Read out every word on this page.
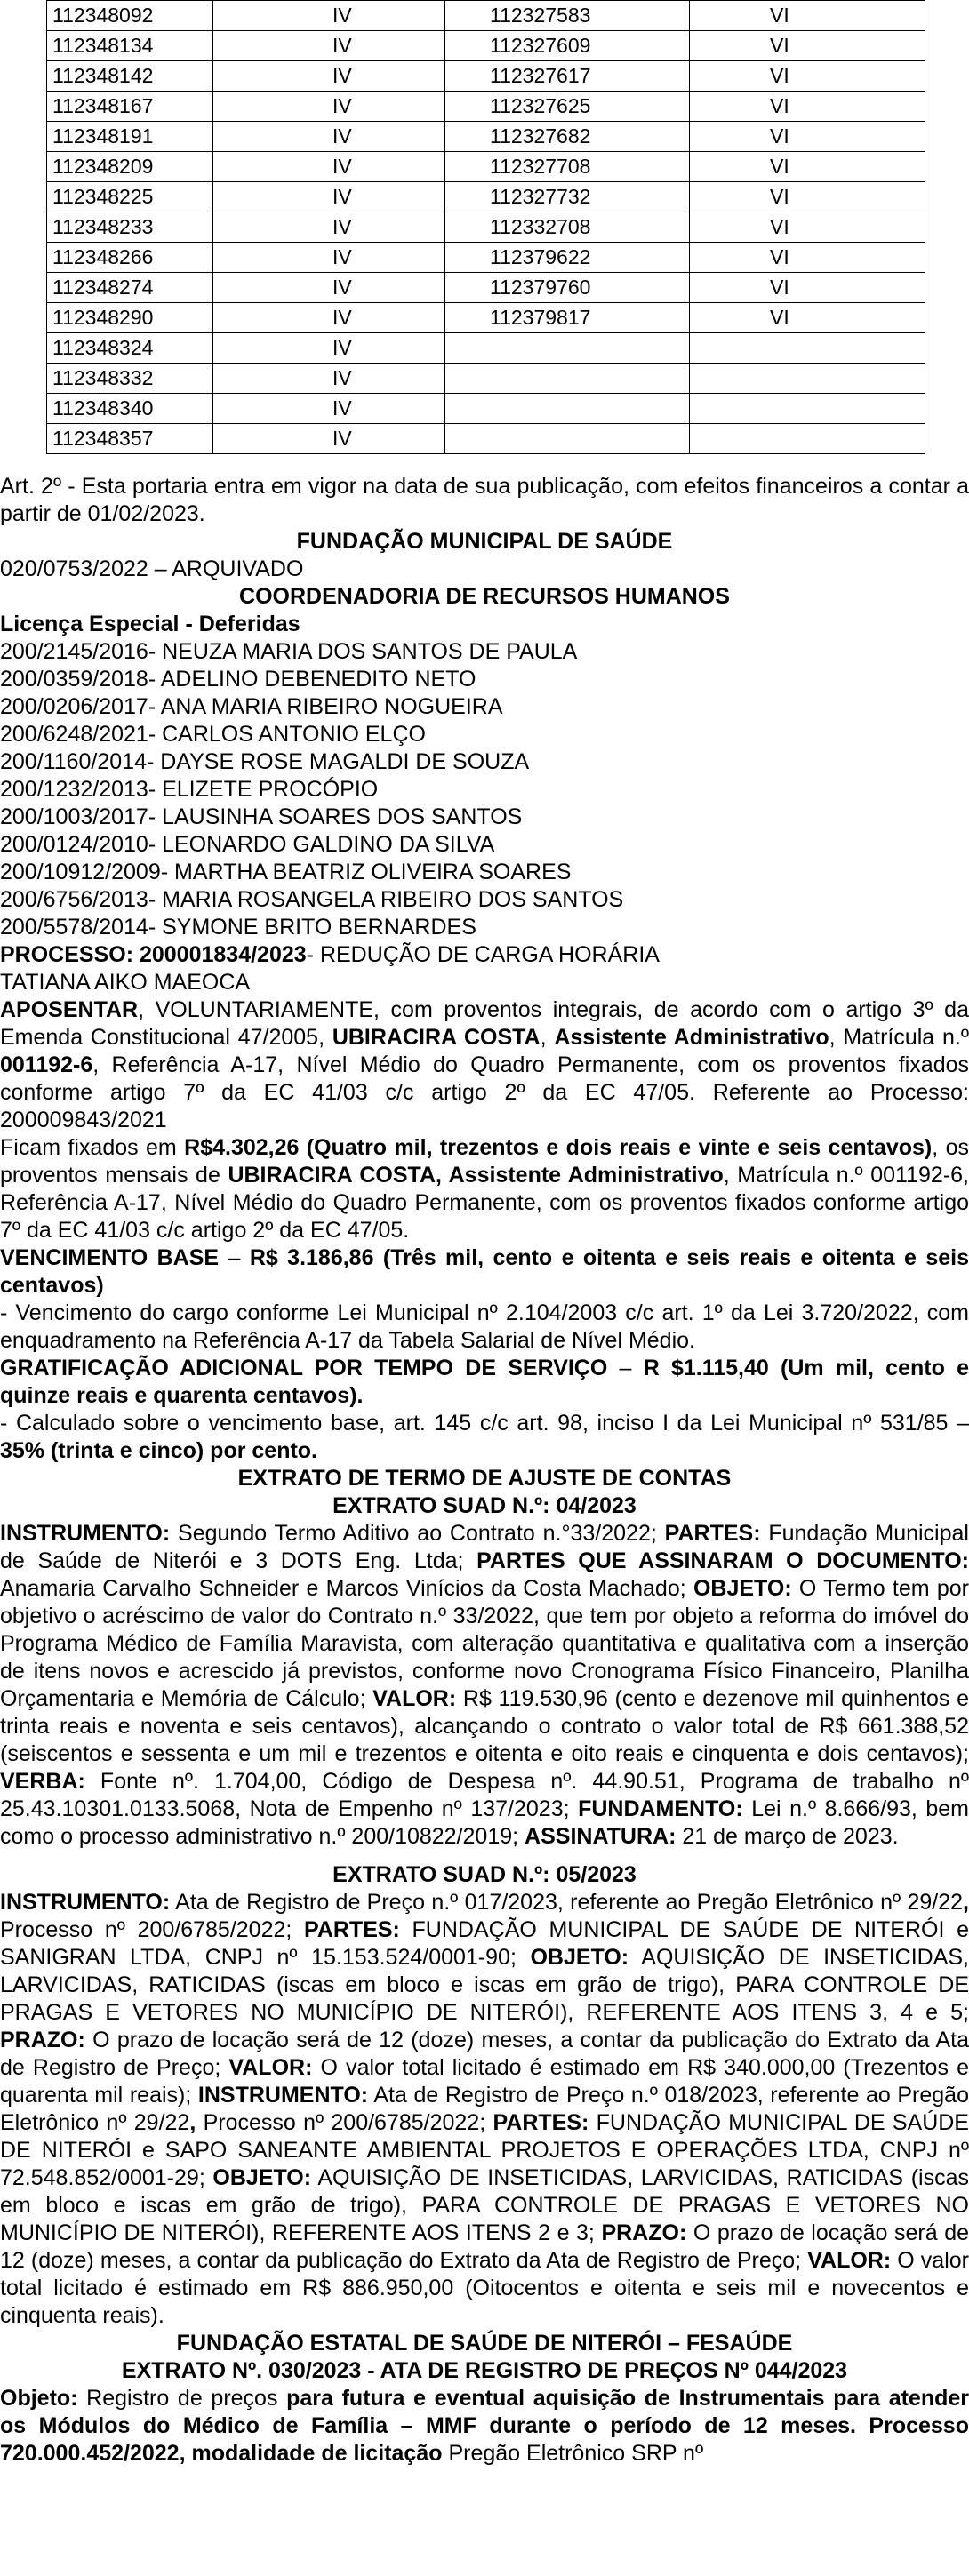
112348092	IV	112327583	VI
112348134	IV	112327609	VI
112348142	IV	112327617	VI
112348167	IV	112327625	VI
112348191	IV	112327682	VI
112348209	IV	112327708	VI
112348225	IV	112327732	VI
112348233	IV	112332708	VI
112348266	IV	112379622	VI
112348274	IV	112379760	VI
112348290	IV	112379817	VI
112348324	IV		
112348332	IV		
112348340	IV		
112348357	IV		

Art. 2º - Esta portaria entra em vigor na data de sua publicação, com efeitos financeiros a contar a partir de 01/02/2023.

FUNDAÇÃO MUNICIPAL DE SAÚDE

020/0753/2022 – ARQUIVADO

COORDENADORIA DE RECURSOS HUMANOS

Licença Especial - Deferidas

200/2145/2016- NEUZA MARIA DOS SANTOS DE PAULA

200/0359/2018- ADELINO DEBENEDITO NETO

200/0206/2017- ANA MARIA RIBEIRO NOGUEIRA

200/6248/2021- CARLOS ANTONIO ELÇO

200/1160/2014- DAYSE ROSE MAGALDI DE SOUZA

200/1232/2013- ELIZETE PROCÓPIO

200/1003/2017- LAUSINHA SOARES DOS SANTOS

200/0124/2010- LEONARDO GALDINO DA SILVA

200/10912/2009- MARTHA BEATRIZ OLIVEIRA SOARES

200/6756/2013- MARIA ROSANGELA RIBEIRO DOS SANTOS

200/5578/2014- SYMONE BRITO BERNARDES

PROCESSO: 200001834/2023- REDUÇÃO DE CARGA HORÁRIA

TATIANA AIKO MAEOCA

APOSENTAR, VOLUNTARIAMENTE, com proventos integrais, de acordo com o artigo 3º da Emenda Constitucional 47/2005, UBIRACIRA COSTA, Assistente Administrativo, Matrícula n.º 001192-6, Referência A-17, Nível Médio do Quadro Permanente, com os proventos fixados conforme artigo 7º da EC 41/03 c/c artigo 2º da EC 47/05. Referente ao Processo: 200009843/2021

Ficam fixados em R$4.302,26 (Quatro mil, trezentos e dois reais e vinte e seis centavos), os proventos mensais de UBIRACIRA COSTA, Assistente Administrativo, Matrícula n.º 001192-6, Referência A-17, Nível Médio do Quadro Permanente, com os proventos fixados conforme artigo 7º da EC 41/03 c/c artigo 2º da EC 47/05.

VENCIMENTO BASE – R$ 3.186,86 (Três mil, cento e oitenta e seis reais e oitenta e seis centavos)

- Vencimento do cargo conforme Lei Municipal nº 2.104/2003 c/c art. 1º da Lei 3.720/2022, com enquadramento na Referência A-17 da Tabela Salarial de Nível Médio.

GRATIFICAÇÃO ADICIONAL POR TEMPO DE SERVIÇO – R $1.115,40 (Um mil, cento e quinze reais e quarenta centavos).

- Calculado sobre o vencimento base, art. 145 c/c art. 98, inciso I da Lei Municipal nº 531/85 – 35% (trinta e cinco) por cento.

EXTRATO DE TERMO DE AJUSTE DE CONTAS

EXTRATO SUAD N.º: 04/2023

INSTRUMENTO: Segundo Termo Aditivo ao Contrato n.°33/2022; PARTES: Fundação Municipal de Saúde de Niterói e 3 DOTS Eng. Ltda; PARTES QUE ASSINARAM O DOCUMENTO: Anamaria Carvalho Schneider e Marcos Vinícios da Costa Machado; OBJETO: O Termo tem por objetivo o acréscimo de valor do Contrato n.º 33/2022, que tem por objeto a reforma do imóvel do Programa Médico de Família Maravista, com alteração quantitativa e qualitativa com a inserção de itens novos e acrescido já previstos, conforme novo Cronograma Físico Financeiro, Planilha Orçamentaria e Memória de Cálculo; VALOR: R$ 119.530,96 (cento e dezenove mil quinhentos e trinta reais e noventa e seis centavos), alcançando o contrato o valor total de R$ 661.388,52 (seiscentos e sessenta e um mil e trezentos e oitenta e oito reais e cinquenta e dois centavos); VERBA: Fonte nº. 1.704,00, Código de Despesa nº. 44.90.51, Programa de trabalho nº 25.43.10301.0133.5068, Nota de Empenho nº 137/2023; FUNDAMENTO: Lei n.º 8.666/93, bem como o processo administrativo n.º 200/10822/2019; ASSINATURA: 21 de março de 2023.

EXTRATO SUAD N.º: 05/2023

INSTRUMENTO: Ata de Registro de Preço n.º 017/2023, referente ao Pregão Eletrônico nº 29/22, Processo nº 200/6785/2022; PARTES: FUNDAÇÃO MUNICIPAL DE SAÚDE DE NITERÓI e SANIGRAN LTDA, CNPJ nº 15.153.524/0001-90; OBJETO: AQUISIÇÃO DE INSETICIDAS, LARVICIDAS, RATICIDAS (iscas em bloco e iscas em grão de trigo), PARA CONTROLE DE PRAGAS E VETORES NO MUNICÍPIO DE NITERÓI), REFERENTE AOS ITENS 3, 4 e 5; PRAZO: O prazo de locação será de 12 (doze) meses, a contar da publicação do Extrato da Ata de Registro de Preço; VALOR: O valor total licitado é estimado em R$ 340.000,00 (Trezentos e quarenta mil reais); INSTRUMENTO: Ata de Registro de Preço n.º 018/2023, referente ao Pregão Eletrônico nº 29/22, Processo nº 200/6785/2022; PARTES: FUNDAÇÃO MUNICIPAL DE SAÚDE DE NITERÓI e SAPO SANEANTE AMBIENTAL PROJETOS E OPERAÇÕES LTDA, CNPJ nº 72.548.852/0001-29; OBJETO: AQUISIÇÃO DE INSETICIDAS, LARVICIDAS, RATICIDAS (iscas em bloco e iscas em grão de trigo), PARA CONTROLE DE PRAGAS E VETORES NO MUNICÍPIO DE NITERÓI), REFERENTE AOS ITENS 2 e 3; PRAZO: O prazo de locação será de 12 (doze) meses, a contar da publicação do Extrato da Ata de Registro de Preço; VALOR: O valor total licitado é estimado em R$ 886.950,00 (Oitocentos e oitenta e seis mil e novecentos e cinquenta reais).

FUNDAÇÃO ESTATAL DE SAÚDE DE NITERÓI – FESAÚDE

EXTRATO Nº. 030/2023 - ATA DE REGISTRO DE PREÇOS Nº 044/2023

Objeto: Registro de preços para futura e eventual aquisição de Instrumentais para atender os Módulos do Médico de Família – MMF durante o período de 12 meses. Processo 720.000.452/2022, modalidade de licitação Pregão Eletrônico SRP nº
